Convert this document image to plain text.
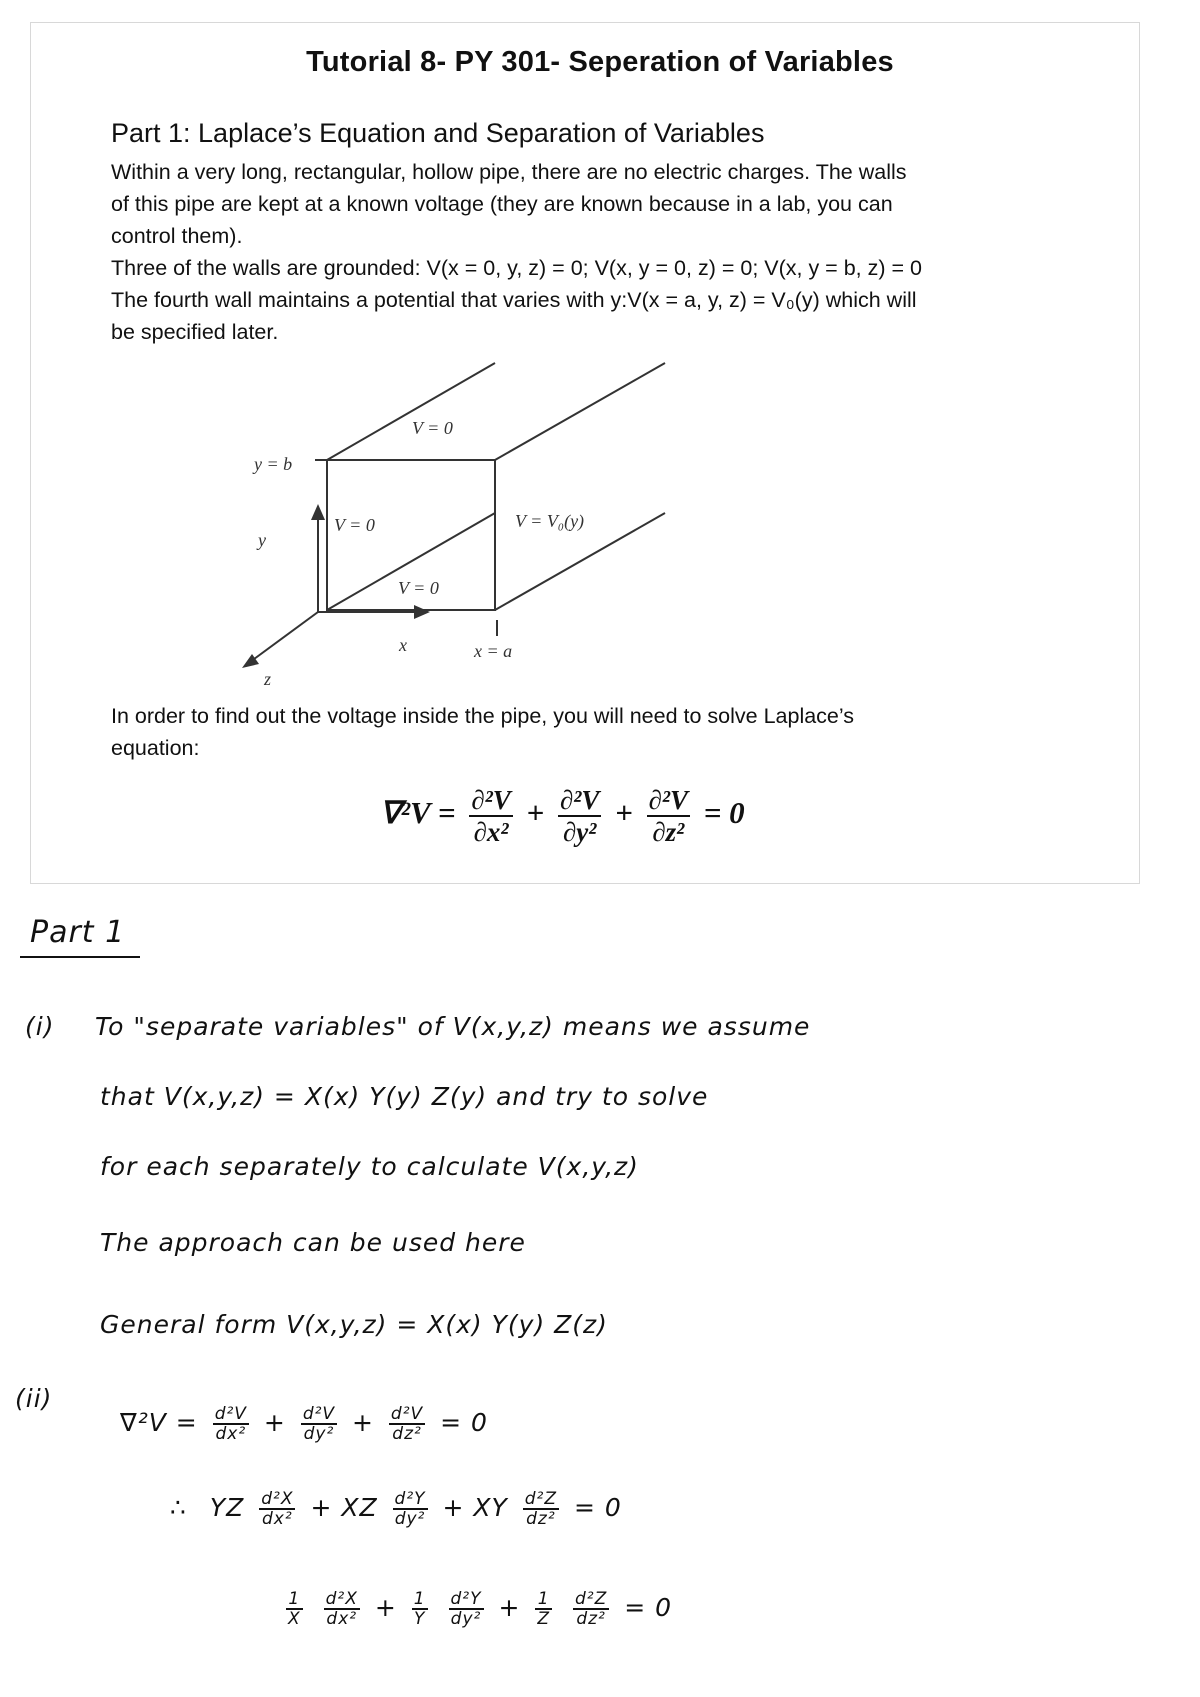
Tutorial 8- PY 301- Seperation of Variables
Part 1: Laplace’s Equation and Separation of Variables
Within a very long, rectangular, hollow pipe, there are no electric charges. The walls
of this pipe are kept at a known voltage (they are known because in a lab, you can
control them).
Three of the walls are grounded: V(x = 0, y, z) = 0; V(x, y = 0, z) = 0; V(x, y = b, z) = 0
The fourth wall maintains a potential that varies with y:V(x = a, y, z) = V₀(y) which will
be specified later.
V = 0
y = b
V = 0
y
V = V₀(y)
V = 0
x	x = a
z
In order to find out the voltage inside the pipe, you will need to solve Laplace’s
equation:
$\nabla^2V = \frac{\text{∂²V}}{\text{∂x²}} + \frac{\text{∂²V}}{\text{∂y²}} + \frac{\text{∂²V}}{\text{∂z²}} = 0$
Part 1
(i) To "separate variables" of V(x,y,z) means we assume
that V(x,y,z) = X(x) Y(y) Z(y) and try to solve
for each separately to calculate V(x,y,z)
The approach can be used here
General form V(x,y,z) = X(x) Y(y) Z(z)
(ii)
$\nabla^2V = \frac{\text{d²V}}{\text{dx²}} + \frac{\text{d²V}}{\text{dy²}} + \frac{\text{d²V}}{\text{dz²}} = 0$
∴ YZ $\frac{\text{d²X}}{\text{dx²}}$ + XZ $\frac{\text{d²Y}}{\text{dy²}}$ + XY $\frac{\text{d²Z}}{\text{dz²}} = 0$
$\frac{1}{X}$
$\frac{\text{d²X}}{\text{dx²}} + \frac{1}{Y}$
$\frac{\text{d²Y}}{\text{dy²}} + \frac{1}{Z}$
$\frac{\text{d²Z}}{\text{dz²}} = 0$
